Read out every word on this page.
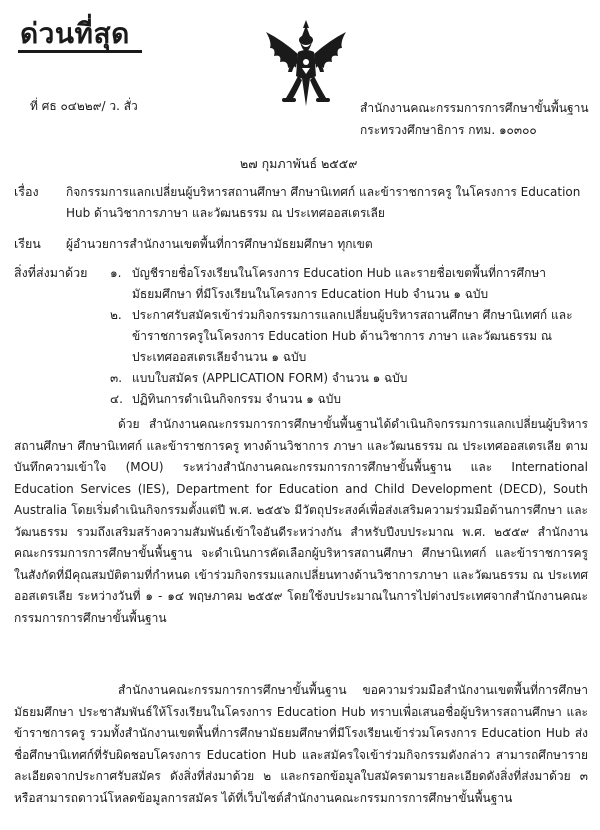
ด่วนที่สุด
ที่ ศธ ๐๔๒๒๙/ ว. สั่ว	สำนักงานคณะกรรมการการศึกษาขั้นพื้นฐาน
กระทรวงศึกษาธิการ กทม. ๑๐๓๐๐
๒๗ กุมภาพันธ์ ๒๕๕๙
เรื่อง กิจกรรมการแลกเปลี่ยนผู้บริหารสถานศึกษา ศึกษานิเทศก์ และข้าราชการครู ในโครงการ Education Hub ด้านวิชาการภาษา และวัฒนธรรม ณ ประเทศออสเตรเลีย
เรียน ผู้อำนวยการสำนักงานเขตพื้นที่การศึกษามัธยมศึกษา ทุกเขต
สิ่งที่ส่งมาด้วย ๑. บัญชีรายชื่อโรงเรียนในโครงการ Education Hub และรายชื่อเขตพื้นที่การศึกษามัธยมศึกษา ที่มีโรงเรียนในโครงการ Education Hub จำนวน ๑ ฉบับ
๒. ประกาศรับสมัครเข้าร่วมกิจกรรมการแลกเปลี่ยนผู้บริหารสถานศึกษา ศึกษานิเทศก์ และข้าราชการครูในโครงการ Education Hub ด้านวิชาการ ภาษา และวัฒนธรรม ณ ประเทศออสเตรเลียจำนวน ๑ ฉบับ
๓. แบบใบสมัคร (APPLICATION FORM) จำนวน ๑ ฉบับ
๔. ปฏิทินการดำเนินกิจกรรม จำนวน ๑ ฉบับ
ด้วย สำนักงานคณะกรรมการการศึกษาขั้นพื้นฐานได้ดำเนินกิจกรรมการแลกเปลี่ยนผู้บริหารสถานศึกษา ศึกษานิเทศก์ และข้าราชการครู ทางด้านวิชาการ ภาษา และวัฒนธรรม ณ ประเทศออสเตรเลีย ตามบันทึกความเข้าใจ (MOU) ระหว่างสำนักงานคณะกรรมการการศึกษาขั้นพื้นฐาน และ International Education Services (IES), Department for Education and Child Development (DECD), South Australia โดยเริ่มดำเนินกิจกรรมตั้งแต่ปี พ.ศ. ๒๕๕๖ มีวัตถุประสงค์เพื่อส่งเสริมความร่วมมือด้านการศึกษา และวัฒนธรรม รวมถึงเสริมสร้างความสัมพันธ์เข้าใจอันดีระหว่างกัน สำหรับปีงบประมาณ พ.ศ. ๒๕๕๙ สำนักงานคณะกรรมการการศึกษาขั้นพื้นฐาน จะดำเนินการคัดเลือกผู้บริหารสถานศึกษา ศึกษานิเทศก์ และข้าราชการครู ในสังกัดที่มีคุณสมบัติตามที่กำหนด เข้าร่วมกิจกรรมแลกเปลี่ยนทางด้านวิชาการภาษา และวัฒนธรรม ณ ประเทศออสเตรเลีย ระหว่างวันที่ ๑ - ๑๔ พฤษภาคม ๒๕๕๙ โดยใช้งบประมาณในการไปต่างประเทศจากสำนักงานคณะกรรมการการศึกษาขั้นพื้นฐาน
สำนักงานคณะกรรมการการศึกษาขั้นพื้นฐาน ขอความร่วมมือสำนักงานเขตพื้นที่การศึกษามัธยมศึกษา ประชาสัมพันธ์ให้โรงเรียนในโครงการ Education Hub ทราบเพื่อเสนอชื่อผู้บริหารสถานศึกษา และข้าราชการครู รวมทั้งสำนักงานเขตพื้นที่การศึกษามัธยมศึกษาที่มีโรงเรียนเข้าร่วมโครงการ Education Hub ส่งชื่อศึกษานิเทศก์ที่รับผิดชอบโครงการ Education Hub และสมัครใจเข้าร่วมกิจกรรมดังกล่าว สามารถศึกษารายละเอียดจากประกาศรับสมัคร ดังสิ่งที่ส่งมาด้วย ๒ และกรอกข้อมูลใบสมัครตามรายละเอียดดังสิ่งที่ส่งมาด้วย ๓ หรือสามารถดาวน์โหลดข้อมูลการสมัคร ได้ที่เว็บไซต์สำนักงานคณะกรรมการการศึกษาขั้นพื้นฐาน
